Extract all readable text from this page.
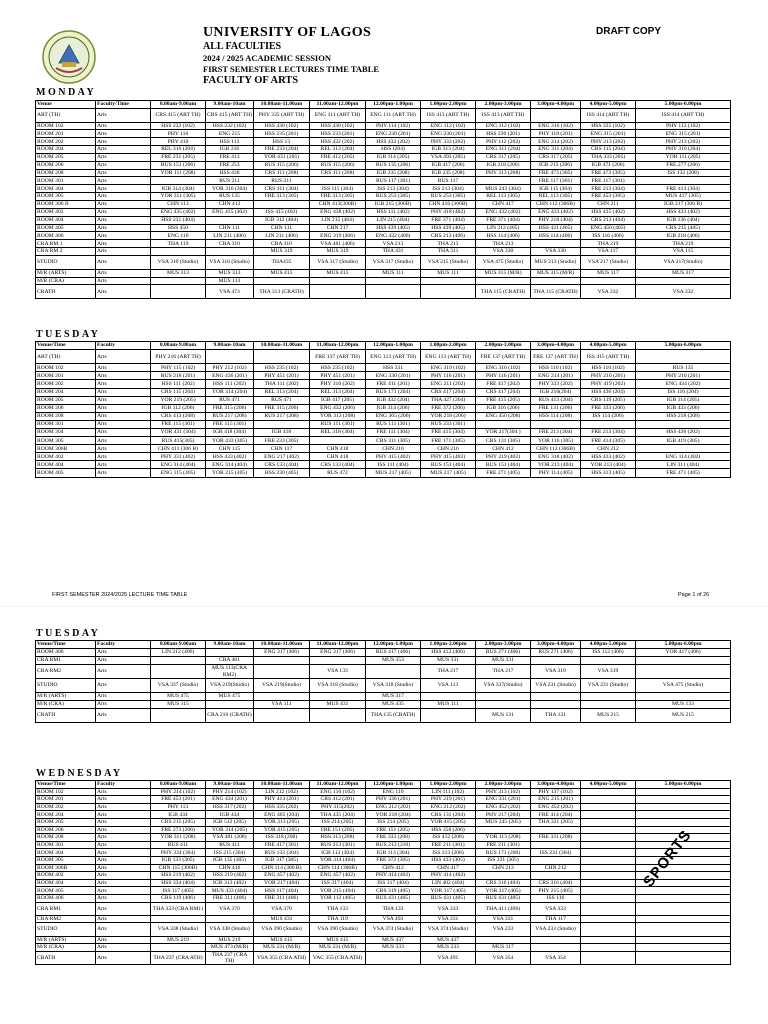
UNIVERSITY OF LAGOS
ALL FACULTIES
2024 / 2025 ACADEMIC SESSION
FIRST SEMESTER LECTURES TIME TABLE
FACULTY OF ARTS
DRAFT COPY
MONDAY
Venue	Faculty/Time	8.00am-9.00am	9.00am-10am	10.00am-11.00am	11.00am-12.00pm	12.00pm-1.00pm	1.00pm-2.00pm	2.00pm-3.00pm	3.00pm-4.00pm	4.00pm-5.00pm	5.00pm-6.00pm
ART (TH)	Arts	CRS 415 (ART TH)	CRS 415 (ART TH)	PHY 335 (ART TH)	ENG 111 (ART TH)	ENG 111 (ART TH)	ISS 413 (ART TH)	ISS 413 (ART TH)		ISS 414 (ART TH)	ISS 414 (ART TH)
ROOM 102	Arts	HSS 232 (102)	HSS 232 (102)	HSS 430 (102)	HSS 430 (102)	PHY 114 (102)	ENG 112 (102)	ENG 112 (102)	ENG 316 (102)	HSS 335 (102)	PHY 113 (102)
ROOM 201	Arts	PHY 110	ENG 215	HSS 235 (201)	HSS 233 (201)	ENG 230 (201)	ENG 230 (201)	HSS 230 (201)	PHY 118 (201)	ENG 315 (201)	ENG 315 (201)
ROOM 202	Arts	PHY 410	HSS 113	HSS 13	HSS 432 (202)	HSS 432 (202)	PHY 333 (202)	PHY 112 (202)	ENG 214 (202)	PHY 213 (202)	PHY 213 (202)
ROOM 204	Arts	REL 316 (204)	IGB 216	FRE 233 (204)	REL 313 (204)	HSS (204)	IGB 313 (204)	ENG 311 (204)	ENG 311 (204)	CRS 115 (204)	PHY 310 (204)
ROOM 205	Arts	FRE 231 (205)	FRE 413	YOR 431 (205)	FRE 412 (205)	IGB 114 (205)	VSA 493 (205)	CRS 317 (205)	CRS 317 (205)	THA 333 (205)	YOR 111 (205)
ROOM 206	Arts	RUS 151 (206)	FRE 253	RUS 115 (206)	RUS 115 (206)	RUS 135 (206)	IGB 417 (206)	IGB 218 (206)	IGB 213 (206)	IGB 471 (206)	FRE 277 (206)
ROOM 208	Arts	YOR 111 (208)	HSS 438	CRS 111 (208)	CRS 111 (208)	IGB 235 (208)	IGB 235 (208)	PHY 313 (208)	FRE 473 (305)	FRE 473 (305)	ISS 132 (208)
ROOM 301	Arts		RUS 211	RUS 211		RUS 117 (301)	RUS 117		FRE 117 (301)	FRE 117 (301)	
ROOM 304	Arts	IGB 314 (304)	YOR 316 (304)	CRS 311 (304)	ISS 111 (304)	ISS 213 (304)	ISS 213 (304)	MUS 243 (304)	IGB 115 (304)	FRE 213 (304)	FRE 413 (304)
ROOM 305	Arts	YOR 311 (305)	RUS 135	FRE 313 (305)	FRE 313 (305)	RUS 253 (305)	RUS 253 (305)	REL 113 (305)	REL 113 (305)	FRE 453 (305)	MUS 417 (305)
ROOM 306 B	Arts	CHN 113	CHN 413		CHN 413(306B)	IGB 215 (306B)	CHN 416 (306B)	CHN 417	CHN 112 (306B)	CHN 211	IGB 217 (306 B)
ROOM 402	Arts	ENG 435 (402)	ENG 435 (402)	ISS 415 (402)	ENG 438 (402)	HSS 111 (402)	PHY 418 (402)	ENG 432 (402)	ENG 433 (402)	HSS 435 (402)	HSS 433 (402)
ROOM 404	Arts	HSS 231 (404)		IGB 312 (404)	LIN 215 (404)	LIN 215 (404)	FRE 371 (404)	FRE 371 (404)	PHY 218 (404)	CRS 213 (404)	IGB 136 (404)
ROOM 405	Arts	HSS 450	CHN 111	CHN 111	CHN 217	HSS 439 (405)	HSS 439 (405)	LIN 312 (405)	HSS 431 (405)	ENG 450 (405)	CRS 215 (405)
ROOM 406	Arts	ENG 116	LIN 211 (406)	LIN 211 (406)	ENG 319 (406)	ENG 432 (406)	CRS 213 (406)	HSS 114 (406)	HSS 114 (406)	ISS 116 (406)	IGB 218 (406)
CRA RM 1	Arts	THA 119	CRA 310	CRA 310	VSA 481 (406)	VSA 213	THA 213	THA 213		THA 219	THA 219
CRA RM 2	Arts			MUS 319	MUS 319	THA 431	THA 311	VSA 330	VSA 330	VSA 117	VSA 115
STUDIO	Arts	VSA 310 (Studio)	VSA 310 (Studio)	THA435	VSA 317 (Studio)	VSA 317 (Studio)	VSA 215 (Studio)	VSA 475 (Studio)	MUS 213 (Studio)	VSA 217 (Studio)	VSA 217(Studio)
M/R (ARTS)	Arts	MUS 313	MUS 313	MUS 415	MUS 415	MUS 111	MUS 111	MUS 315 (M/R)	MUS 315 (M/R)	MUS 117	MUS 317
M/R (CRA)	Arts		MUS 113								
CRATH	Arts		VSA 473	THA 313 (CRATH)				THA 115 (CRATH)	THA 115 (CRATH)	VSA 332	VSA 332
TUESDAY
Venue/Time	Faculty	8.00am-9.00am	9.00am-10am	10.00am-11.00am	11.00am-12.00pm	12.00pm-1.00pm	1.00pm-2.00pm	2.00pm-3.00pm	3.00pm-4.00pm	4.00pm-5.00pm	5.00pm-6.00pm
ART (TH)	Arts	PHY 216 (ART TH)			FRE 137 (ART TH)	ENG 113 (ART TH)	ENG 113 (ART TH)	FRE 137 (ART TH)	FRE 137 (ART TH)	ISS 415 (ART TH)	
ROOM 102	Arts	PHY 115 (102)	PHY 212 (102)	HSS 235 (102)	HSS 235 (102)	HSS 331	ENG 319 (102)	ENG 316 (102)	HSS 110 (102)	HSS 110 (102)	RUS 135
ROOM 201	Arts	RUS 218 (201)	ENG 436 (201)	PHY 451 (201)	PHY 451 (201)	ENG 330 (201)	PHY 116 (201)	PHY 116 (201)	ENG 214 (201)	PHY 210 (201)	PHY 210 (201)
ROOM 202	Arts	HSS 111 (202)	HSS 111 (202)	THA 111 (202)	PHY 310 (202)	FRE 411 (201)	ENG 211 (202)	FRE 417 (202)	PHY 333 (202)	PHY 419 (202)	ENG 434 (202)
ROOM 204	Arts	CRS 115 (204)	YOR 314 (204)	REL 313 (204)	REL 313 (204)	RUS 171 (204)	CRS 417 (204)	CRS 417 (204)	IGB 216(204)	HSS 436 (204)	ISS 116 (204)
ROOM 205	Arts	YOR 219 (205)	RUS 471	RUS 471	IGB 417 (205)	IGB 432 (204)	THA 427 (204)	FRE 415 (205)	RUS 413 (204)	CRS 119 (205)	IGB 114 (205)
ROOM 206	Arts	IGB 112 (206)	FRE 315 (206)	FRE 315 (206)	ENG 432 (206)	IGB 314 (206)	FRE 372 (206)	IGB 316 (206)	FRE 131 (206)	FRE 333 (206)	IGB 433 (206)
ROOM 208	Arts	CRS 413 (208)	RUS 217 (208)	RUS 217 (208)	YOR 313 (208)	ENG 365 (206)	YOR 218 (206)	ENG 450 (208)	HSS 114 (208)	ISS 114 (206)	HSS 218 (208)
ROOM 301	Arts	FRE 115 (301)	FRE 115 (301)		RUS 111 (301)	RUS 111 (301)	RUS 233 (301)				
ROOM 304	Arts	YOR 431 (304)	IGB 418 (304)	IGB 418	REL 318 (304)	FRE 111 (304)	FRE 415 (304)	YOR 217(304 )	FRE 213 (304)	FRE 213 (304)	HSS 436 (202)
ROOM 305	Arts	RUS 415(305)	YOR 433 (305)	FRE 233 (305)		CRS 311 (305)	FRE 171 (305)	CRS 131 (305)	YOR 116 (305)	FRE 414 (305)	IGB 419 (305)
ROOM 306B	Arts	CHN 411 (306 B)	CHN 115	CHN 117	CHN 418	CHN 216	CHN 216	CHN 412	CHN 112 (306B)	CHN 212	
ROOM 402	Arts	PHY 331 (402)	HSS 433 (402)	ENG 217 (402)	CHN 418	PHY 415 (402)	PHY 415 (402)	PHY 219 (402)	ENG 318 (402)	HSS 433 (402)	ENG 114 (402)
ROOM 404	Arts	ENG 314 (404)	ENG 314 (404)	CRS 133 (404)	CRS 133 (404)	ISS 111 (404)	RUS 151 (404)	RUS 151 (404)	YOR 213 (404)	YOR 213 (404)	LIN 311 (404)
ROOM 405	Arts	ENG 115 (405)	YOR 215 (405)	HSS 230 (405)	RUS 472	MUS 217 (405)	MUS 217 (405)	FRE 271 (405)	PHY 114 (405)	HSS 313 (405)	FRE 471 (405)
FIRST SEMESTER 2024/2025 LECTURE TIME TABLE	Page 1 of 26
TUESDAY
Venue/Time	Faculty	8.00am-9.00am	9.00am-10am	10.00am-11.00am	11.00am-12.00pm	12.00pm-1.00pm	1.00pm-2.00pm	2.00pm-3.00pm	3.00pm-4.00pm	4.00pm-5.00pm	5.00pm-6.00pm
ROOM 406	Arts	LIN 212 (406)		ENG 317 (406)	ENG 317 (406)	RUS 417 (406)	HSS 412 (406)	RUS 271 (406)	RUS 271 (406)	ISS 112 (406)	YOR 417 (406)
CRA RM1	Arts		CRA 401			MUS 353	MUS 331	MUS 331			
CRA RM2	Arts		MUS 113(CRA RM2)		VSA 133		THA 217	THA 217	VSA 319	VSA 319	
STUDIO	Arts	VSA 337 (Studio)	VSA 219(Studio)	VSA 219(Studio)	VSA 318 (Studio)	VSA 318 (Studio)	VSA 113	VSA 337(Studio)	VSA 231 (Studio)	VSA 231 (Studio)	VSA 475 (Studio)
M/R (ARTS)	Arts	MUS 475	MUS 475			MUS 317					
M/R (CRA)	Arts	MUS 115		VSA 111	MUS 431	MUS 435	MUS 111				MUS 133
CRATH	Arts		CRA 210 (CRATH)			THA 135 (CRATH)		MUS 131	THA 131	MUS 215	MUS 215
WEDNESDAY
Venue/Time	Faculty	8.00am-9.00am	9.00am-10am	10.00am-11.00am	11.00am-12.00pm	12.00pm-1.00pm	1.00pm-2.00pm	2.00pm-3.00pm	3.00pm-4.00pm	4.00pm-5.00pm	5.00pm-6.00pm
ROOM 102	Arts	PHY 214 (102)	PHY 214 (102)	LIN 212 (102)	ENG 110 (102)	ENG 110	LIN 111 (102)	PHY 313 (102)	PHY 137 (102)		
ROOM 201	Arts	FRE 453 (201)	ENG 434 (201)	PHY 413 (201)	CRS 412 (201)	PHY 336 (201)	PHY 219 (201)	ENG 331 (201)	ENG 215 (201)		
ROOM 202	Arts	PHY 113	HSS 317 (202)	HSS 335 (202)	PHY 315(202)	ENG 212 (202)	ENG 212 (202)	ENG 452 (202)	ENG 452 (202)		
ROOM 204	Arts	IGB 434	IGB 434	ENG 465 (204)	THA 435 (204)	YOR 218 (204)	CRS 131 (204)	PHY 217 (204)	FRE 414 (204)		
ROOM 205	Arts	CRS 215 (205)	IGB 512 (205)	YOR 313 (205)	ISS 214 (205)	ISS 214 (205)	YOR 415 (205)	MUS 245 (205)	THA 321 (205)		
ROOM 206	Arts	FRE 273 (206)	YOR 314 (205)	YOR 415 (205)	FRE 151 (205)	FRE 151 (205)	HSS 358 (206)				
ROOM 208	Arts	YOR 311 (208)	VSA 481 (208)	ISS 318 (208)	HSS 313 (208)	FRE 333 (208)	ISS 412 (208)	YOR 113 (208)	FRE 331 (208)		
ROOM 301	Arts	RUS 411	RUS 411	FRE 417 (301)	RUS 213 (301)	RUS 213 (310)	FRE 211 (301)	FRE 211 (301)			
ROOM 304	Arts	PHY 334 (304)	ISS 215 (304)	RUS 133 (304)	IGB 113 (304)	IGB 113 (304)	ISS 313 (208)	RUS 171 (208)	ISS 231 (304)		
ROOM 305	Arts	IGB 133 (305)	IGB 135 (305)	IGB 317 (305)	YOR 314 (404)	FRE 372 (305)	HSS 433 (305)	ISS 331 (305)			
ROOM 306B	Arts	CHN 115 (306B)	CHN 416	CHN 114 (306 B)	CHN 114 (306B)	CHN 412	CHN 417	CHN 213	CHN 212		
ROOM 402	Arts	HSS 219 (402)	HSS 219 (402)	ENG 457 (402)	ENG 457 (402)	PHY 414 (402)	PHY 414 (402)				
ROOM 404	Arts	HSS 334 (404)	IGB 313 (402)	YOR 217 (404)	ISS 317 (404)	ISS 317 (404)	LIN 402 (404)	CRS 316 (404)	CRS 316 (404)		
ROOM 405	Arts	ISS 117 (405)	MUS 433 (404)	HSS 117 (404)	YOR 215 (404)	CRS 319 (405)	YOR 317 (405)	YOR 317 (405)	PHY 215 (405)		
ROOM 406	Arts	CRS 119 (406)	FRE 311 (406)	FRE 311 (406)	YOR 112 (405)	RUS 431 (405)	RUS 431 (405)	RUS 431 (405)	ISS 116		
CRA RM1	Arts	THA 333 (CRA RM1)	VSA 370	VSA 370	THA 133	THA 133	VSA 333	THA 411 (406)	VSA 333		
CRA RM2	Arts			MUS 431	THA 119	VSA 493	VSA 331	VSA 331	THA 117		
STUDIO	Arts	VSA 338 (Studio)	VSA 338 (Studio)	VSA 390 (Studio)	VSA 390 (Studio)	VSA 374 (Studio)	VSA 374 (Studio)	VSA 233	VSA 233 (Studio)		
M/R (ARTS)	Arts	MUS 219	MUS 219	MUS 415	MUS 415	MUS 437	MUS 437				
M/R (CRA)	Arts		MUS 473 (M/R)	MUS 231 (M/R)	MUS 231 (M/R)	MUS 333	MUS 233	MUS 117			
CRATH	Arts	THA 237 (CRA ATH)	THA 237 (CRA TH)	VSA 355 (CRA ATH)	VAC 355 (CRA ATH)		VSA 491	VSA 354	VSA 354		
SPORTS
